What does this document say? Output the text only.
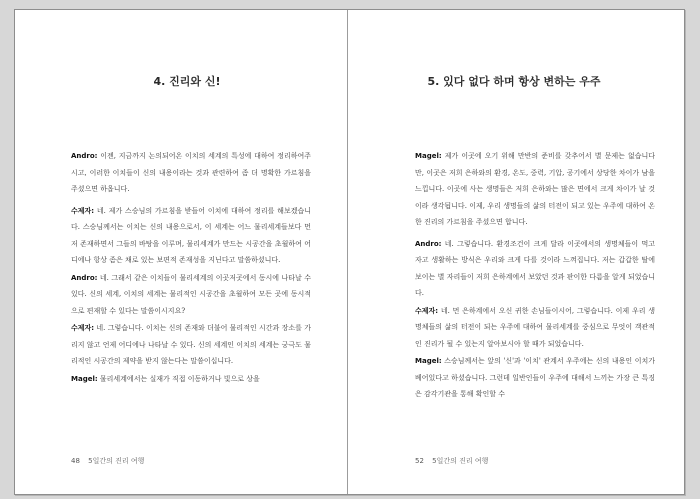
4. 진리와 신!

Andro: 이젠, 지금까지 논의되어온 이치의 세계의 특성에 대하여 정리하여주시고, 이러한 이치들이 신의 내용이라는 것과 관련하여 좀 더 명확한 가르침을 주셨으면 하옵니다.

수제자: 네. 제가 스승님의 가르침을 받들어 이치에 대하여 정리를 해보겠습니다. 스승님께서는 이치는 신의 내용으로서, 이 세계는 어느 물리세계들보다 먼저 존재하면서 그들의 바탕을 이루며, 물리세계가 만드는 시공간을 초월하여 어디에나 항상 좀은 채로 있는 보편적 존재성을 지닌다고 말씀하셨니다.

Andro: 네. 그래서 같은 이치들이 물리세계의 이곳저곳에서 동시에 나타날 수 있다. 신의 세계, 이치의 세계는 물리적인 시공간을 초월하여 모든 곳에 동시적으로 편재할 수 있다는 말씀이시지요?

수제자: 네. 그렇습니다. 이치는 신의 존재와 더불어 물리적인 시간과 장소를 가리지 않고 언제 어디에나 나타날 수 있다. 신의 세계인 이치의 세계는 궁극도 물리적인 시공간의 제약을 받지 않는다는 말씀이십니다.

Magel: 물리세계에서는 실재가 직접 이동하거나 빛으로 상을

48 5일간의 진리 여행
5. 있다 없다 하며 항상 변하는 우주

Magel: 제가 이곳에 오기 위해 만반의 준비를 갖추어서 별 문제는 없습니다만, 이곳은 저희 은하와의 환경, 온도, 중력, 기압, 공기에서 상당한 차이가 남을 느낍니다. 이곳에 사는 생명들은 저희 은하와는 많은 면에서 크게 차이가 날 것이라 생각됩니다. 이제, 우리 생명들의 삶의 터전이 되고 있는 우주에 대하여 온한 진리의 가르침을 주셨으면 합니다.

Andro: 네. 그렇습니다. 환경조건이 크게 달라 이곳에서의 생명체들이 먹고 자고 생활하는 방식은 우리와 크게 다를 것이라 느껴집니다. 저는 갑갑한 탈에 보이는 별 자리들이 저희 은하계에서 보았던 것과 판이한 다름을 알게 되었습니다.

수제자: 네. 먼 은하계에서 오신 귀한 손님들이시어, 그렇습니다. 이제 우리 생명체들의 삶의 터전이 되는 우주에 대하여 물리세계를 중심으로 무엇이 객관적인 진리가 될 수 있는지 알아보시아 할 때가 되었습니다.

Magel: 스승님께서는 앞의 '신'과 '이치' 관계서 우주에는 신의 내용인 이치가 베어있다고 하셨습니다. 그런데 일반인들이 우주에 대해서 느끼는 가장 큰 특징은 감각기관을 통해 확인할 수

52 5일간의 진리 여행
